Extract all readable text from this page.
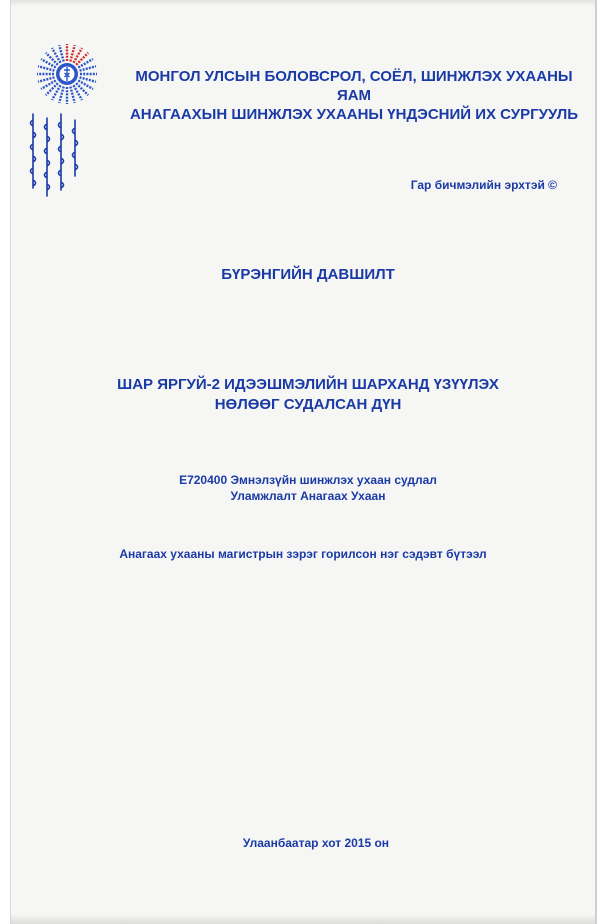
МОНГОЛ УЛСЫН БОЛОВСРОЛ, СОЁЛ, ШИНЖЛЭХ УХААНЫ ЯАМ
АНАГААХЫН ШИНЖЛЭХ УХААНЫ ҮНДЭСНИЙ ИХ СУРГУУЛЬ
Гар бичмэлийн эрхтэй ©
БҮРЭНГИЙН ДАВШИЛТ
ШАР ЯРГУЙ-2 ИДЭЭШМЭЛИЙН ШАРХАНД ҮЗҮҮЛЭХ
НӨЛӨӨГ СУДАЛСАН ДҮН
Е720400 Эмнэлзүйн шинжлэх ухаан судлал
Уламжлалт Анагаах Ухаан
Анагаах ухааны магистрын зэрэг горилсон нэг сэдэвт бүтээл
Улаанбаатар хот 2015 он
